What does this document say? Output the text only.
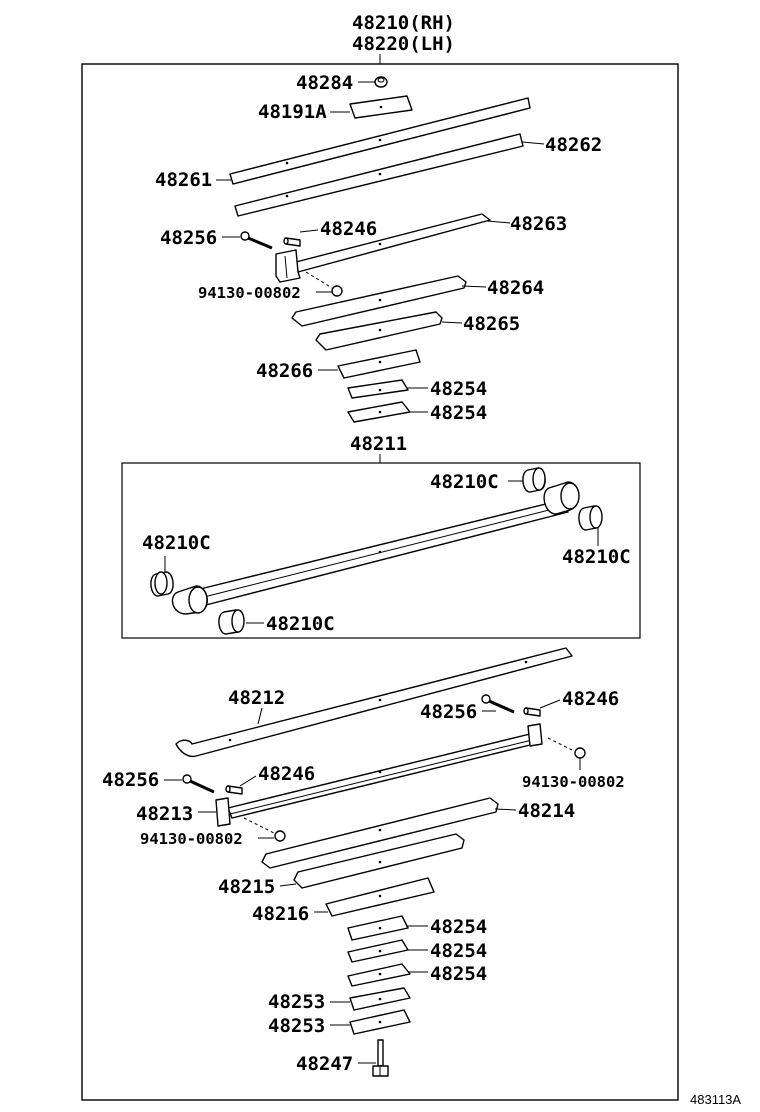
48210(RH)
48220(LH)
48284
48191A
48261
48262
48263
48256	48246
94130-00802	48264
48265
48266
48254
48254
48211
48210C
48210C
48210C
48210C
48212
48256
48246
94130-00802
48213
48256	48246
94130-00802
48214
48215
48216
48254
48254
48254
48253
48253
48247
483113A
